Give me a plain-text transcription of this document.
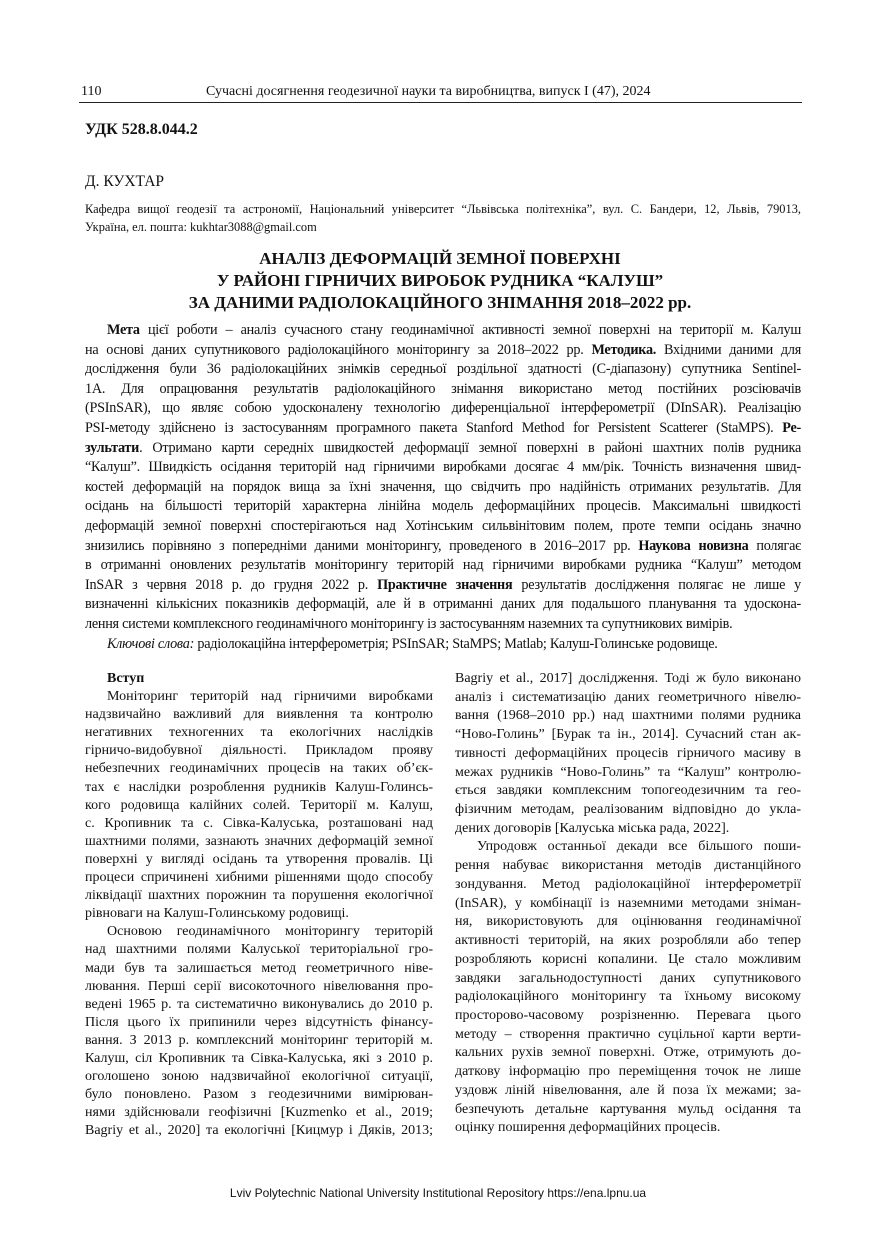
110	Сучасні досягнення геодезичної науки та виробництва, випуск I (47), 2024
УДК 528.8.044.2
Д. КУХТАР
Кафедра вищої геодезії та астрономії, Національний університет “Львівська політехніка”, вул. С. Бандери, 12, Львів, 79013,
Україна, ел. пошта: kukhtar3088@gmail.com
АНАЛІЗ ДЕФОРМАЦІЙ ЗЕМНОЇ ПОВЕРХНІ
У РАЙОНІ ГІРНИЧИХ ВИРОБОК РУДНИКА “КАЛУШ”
ЗА ДАНИМИ РАДІОЛОКАЦІЙНОГО ЗНІМАННЯ 2018–2022 рр.
Мета цієї роботи – аналіз сучасного стану геодинамічної активності земної поверхні на території м. Калуш
на основі даних супутникового радіолокаційного моніторингу за 2018–2022 рр. Методика. Вхідними даними для
дослідження були 36 радіолокаційних знімків середньої роздільної здатності (С-діапазону) супутника Sentinel-
1А. Для опрацювання результатів радіолокаційного знімання використано метод постійних розсіювачів
(PSInSAR), що являє собою удосконалену технологію диференціальної інтерферометрії (DInSAR). Реалізацію
PSI-методу здійснено із застосуванням програмного пакета Stanford Method for Persistent Scatterer (StaMPS). Ре-
зультати. Отримано карти середніх швидкостей деформації земної поверхні в районі шахтних полів рудника
“Калуш”. Швидкість осідання територій над гірничими виробками досягає 4 мм/рік. Точність визначення швид-
костей деформацій на порядок вища за їхні значення, що свідчить про надійність отриманих результатів. Для
осідань на більшості територій характерна лінійна модель деформаційних процесів. Максимальні швидкості
деформацій земної поверхні спостерігаються над Хотінським сильвінітовим полем, проте темпи осідань значно
знизились порівняно з попередніми даними моніторингу, проведеного в 2016–2017 рр. Наукова новизна полягає
в отриманні оновлених результатів моніторингу територій над гірничими виробками рудника “Калуш” методом
InSAR з червня 2018 р. до грудня 2022 р. Практичне значення результатів дослідження полягає не лише у
визначенні кількісних показників деформацій, але й в отриманні даних для подальшого планування та удоскона-
лення системи комплексного геодинамічного моніторингу із застосуванням наземних та супутникових вимірів.
Ключові слова: радіолокаційна інтерферометрія; PSInSAR; StaMPS; Matlab; Калуш-Голинське родовище.
Вступ
Моніторинг територій над гірничими виробками
надзвичайно важливий для виявлення та контролю
негативних техногенних та екологічних наслідків
гірничо-видобувної діяльності. Прикладом прояву
небезпечних геодинамічних процесів на таких об’єк-
тах є наслідки розроблення рудників Калуш-Голинсь-
кого родовища калійних солей. Території м. Калуш,
с. Кропивник та с. Сівка-Калуська, розташовані над
шахтними полями, зазнають значних деформацій земної
поверхні у вигляді осідань та утворення провалів. Ці
процеси спричинені хибними рішеннями щодо способу
ліквідації шахтних порожнин та порушення екологічної
рівноваги на Калуш-Голинському родовищі.
Основою геодинамічного моніторингу територій
над шахтними полями Калуської територіальної гро-
мади був та залишається метод геометричного ніве-
лювання. Перші серії високоточного нівелювання про-
ведені 1965 р. та систематично виконувались до 2010 р.
Після цього їх припинили через відсутність фінансу-
вання. З 2013 р. комплексний моніторинг територій м.
Калуш, сіл Кропивник та Сівка-Калуська, які з 2010 р.
оголошено зоною надзвичайної екологічної ситуації,
було поновлено. Разом з геодезичними вимірюван-
нями здійснювали геофізичні [Kuzmenko et al., 2019;
Bagriy et al., 2020] та екологічні [Кицмур і Дяків, 2013;
Bagriy et al., 2017] дослідження. Тоді ж було виконано
аналіз і систематизацію даних геометричного нівелю-
вання (1968–2010 рр.) над шахтними полями рудника
“Ново-Голинь” [Бурак та ін., 2014]. Сучасний стан ак-
тивності деформаційних процесів гірничого масиву в
межах рудників “Ново-Голинь” та “Калуш” контролю-
ється завдяки комплексним топогеодезичним та гео-
фізичним методам, реалізованим відповідно до укла-
дених договорів [Калуська міська рада, 2022].
Упродовж останньої декади все більшого поши-
рення набуває використання методів дистанційного
зондування. Метод радіолокаційної інтерферометрії
(InSAR), у комбінації із наземними методами зніман-
ня, використовують для оцінювання геодинамічної
активності територій, на яких розробляли або тепер
розробляють корисні копалини. Це стало можливим
завдяки загальнодоступності даних супутникового
радіолокаційного моніторингу та їхньому високому
просторово-часовому розрізненню. Перевага цього
методу – створення практично суцільної карти верти-
кальних рухів земної поверхні. Отже, отримують до-
даткову інформацію про переміщення точок не лише
уздовж ліній нівелювання, але й поза їх межами; за-
безпечують детальне картування мульд осідання та
оцінку поширення деформаційних процесів.
Lviv Polytechnic National University Institutional Repository https://ena.lpnu.ua
